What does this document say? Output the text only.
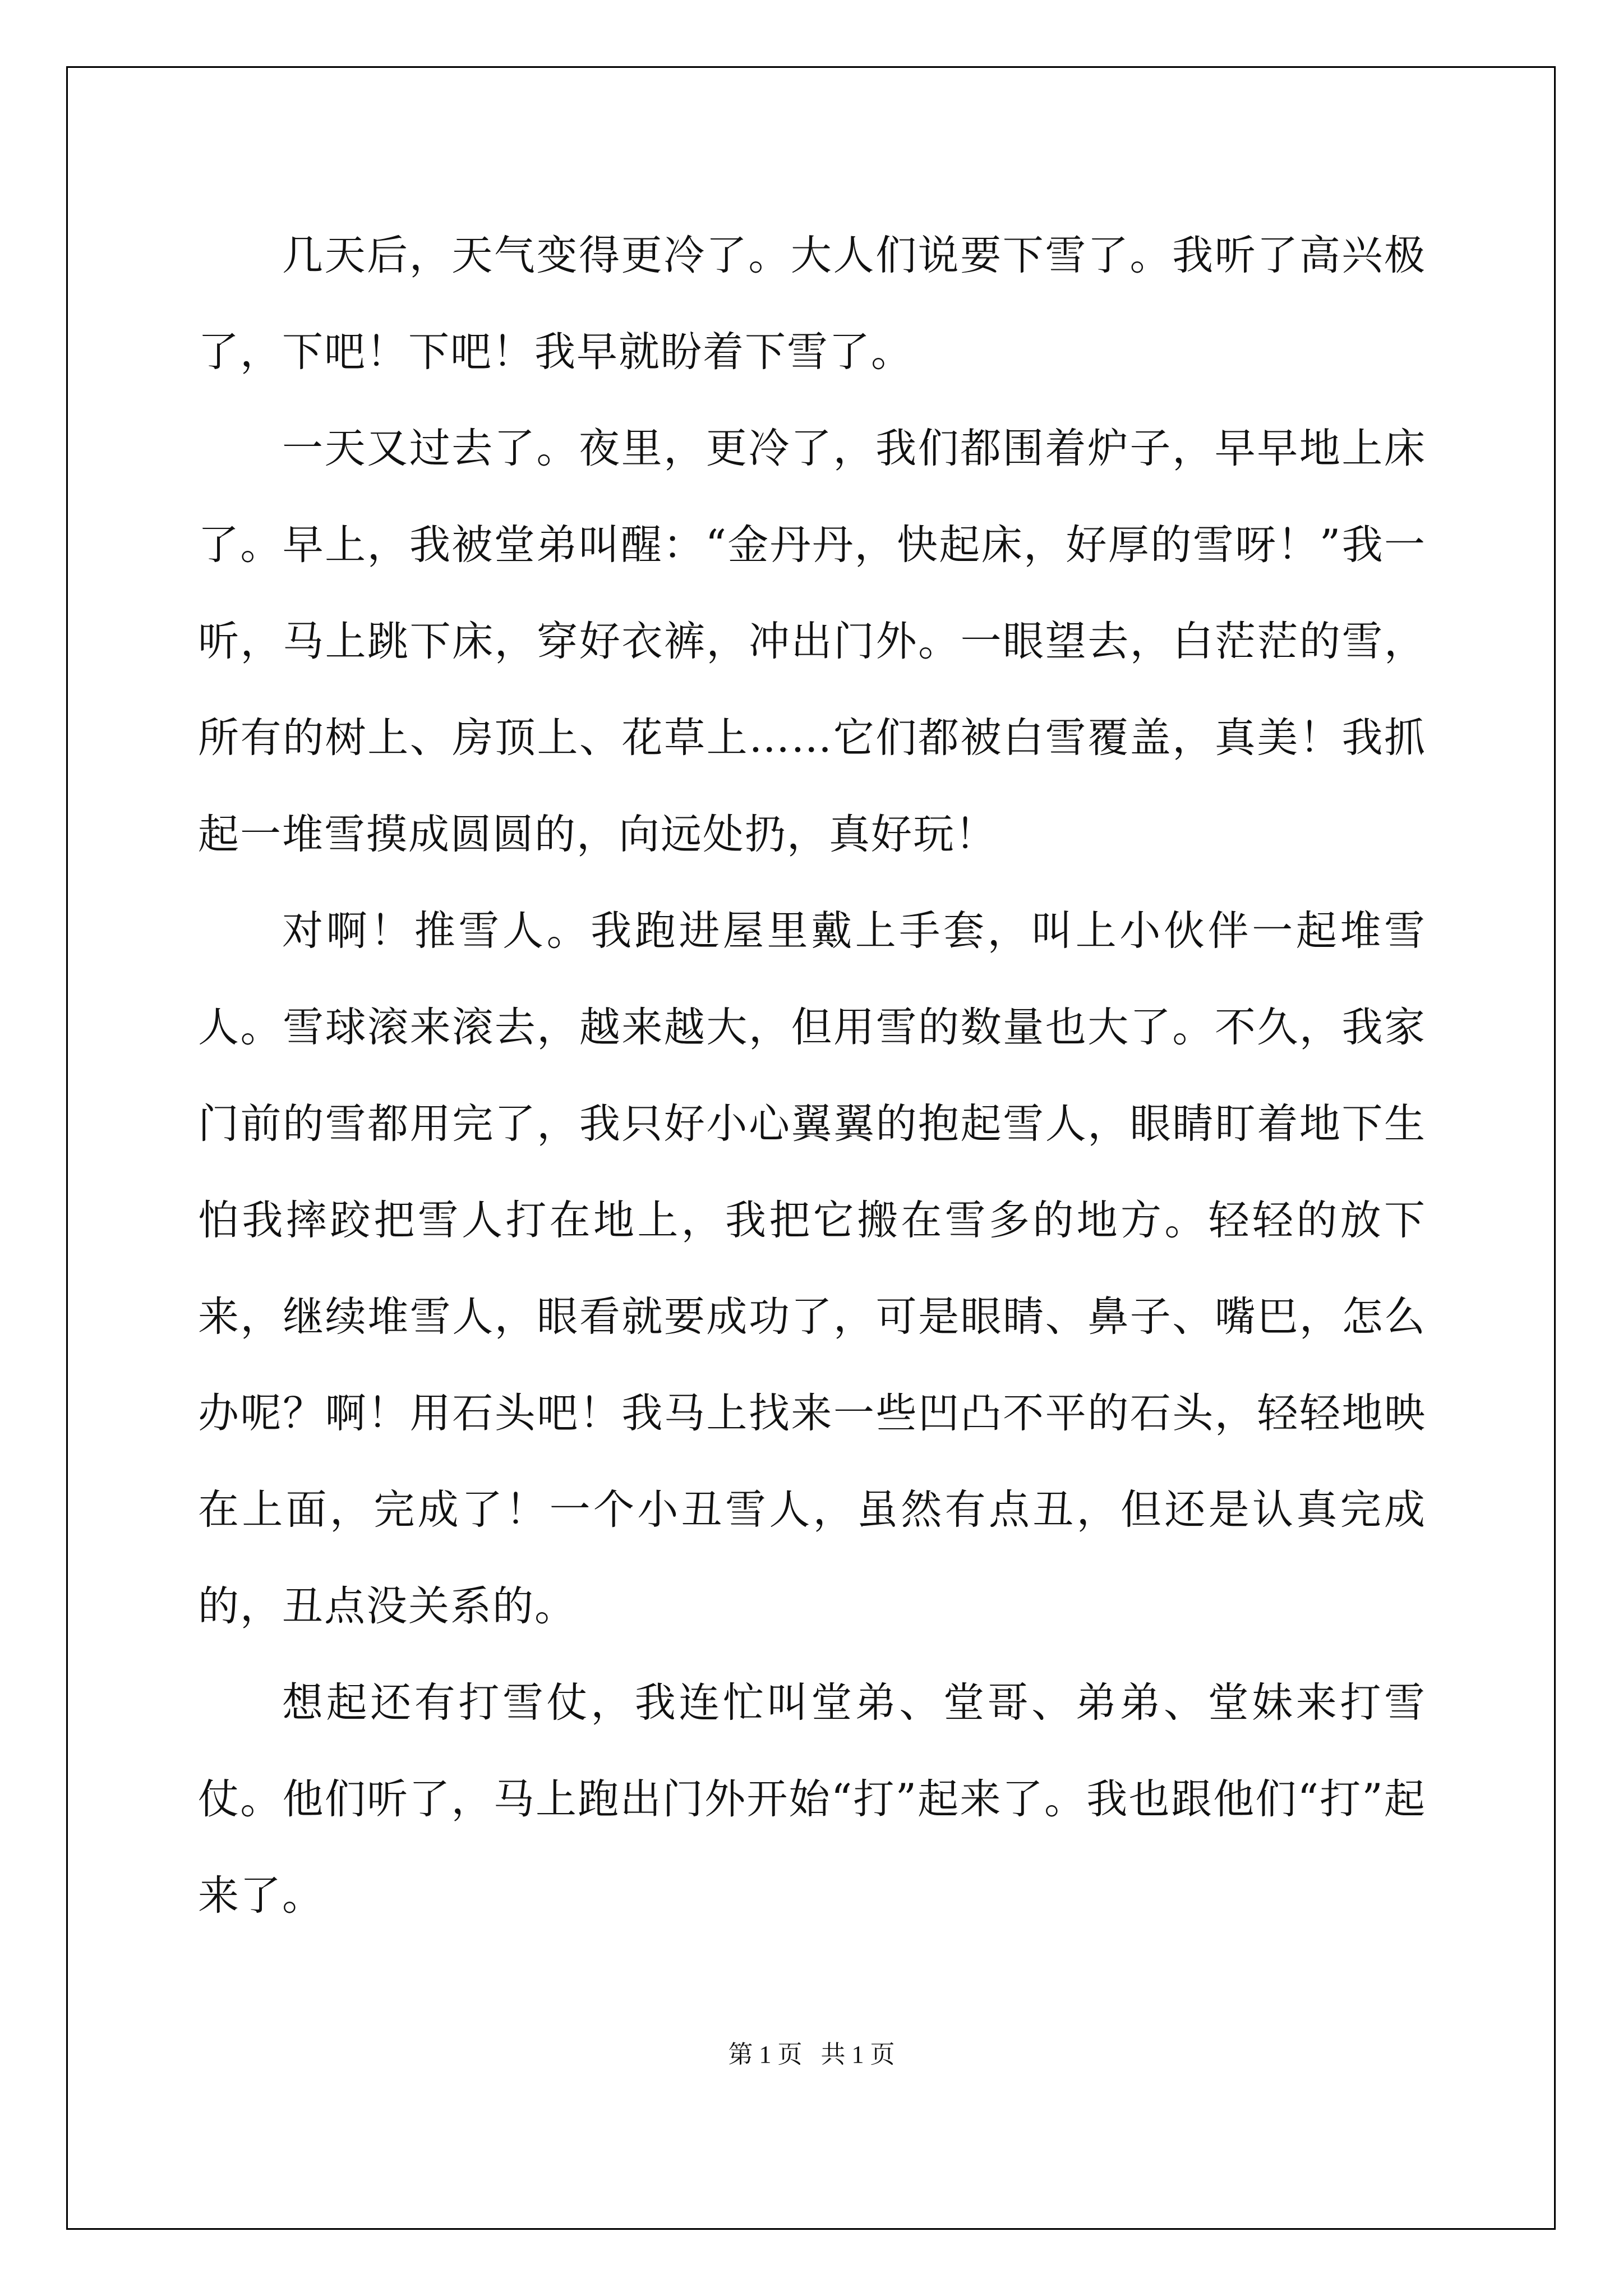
几天后，天气变得更冷了。大人们说要下雪了。我听了高兴极了，下吧！下吧！我早就盼着下雪了。

一天又过去了。夜里，更冷了，我们都围着炉子，早早地上床了。早上，我被堂弟叫醒：“金丹丹，快起床，好厚的雪呀！”我一听，马上跳下床，穿好衣裤，冲出门外。一眼望去，白茫茫的雪，所有的树上、房顶上、花草上……它们都被白雪覆盖，真美！我抓起一堆雪摸成圆圆的，向远处扔，真好玩！

对啊！推雪人。我跑进屋里戴上手套，叫上小伙伴一起堆雪人。雪球滚来滚去，越来越大，但用雪的数量也大了。不久，我家门前的雪都用完了，我只好小心翼翼的抱起雪人，眼睛盯着地下生怕我摔跤把雪人打在地上，我把它搬在雪多的地方。轻轻的放下来，继续堆雪人，眼看就要成功了，可是眼睛、鼻子、嘴巴，怎么办呢？啊！用石头吧！我马上找来一些凹凸不平的石头，轻轻地映在上面，完成了！一个小丑雪人，虽然有点丑，但还是认真完成的，丑点没关系的。

想起还有打雪仗，我连忙叫堂弟、堂哥、弟弟、堂妹来打雪仗。他们听了，马上跑出门外开始“打”起来了。我也跟他们“打”起来了。

第 1 页   共 1 页
